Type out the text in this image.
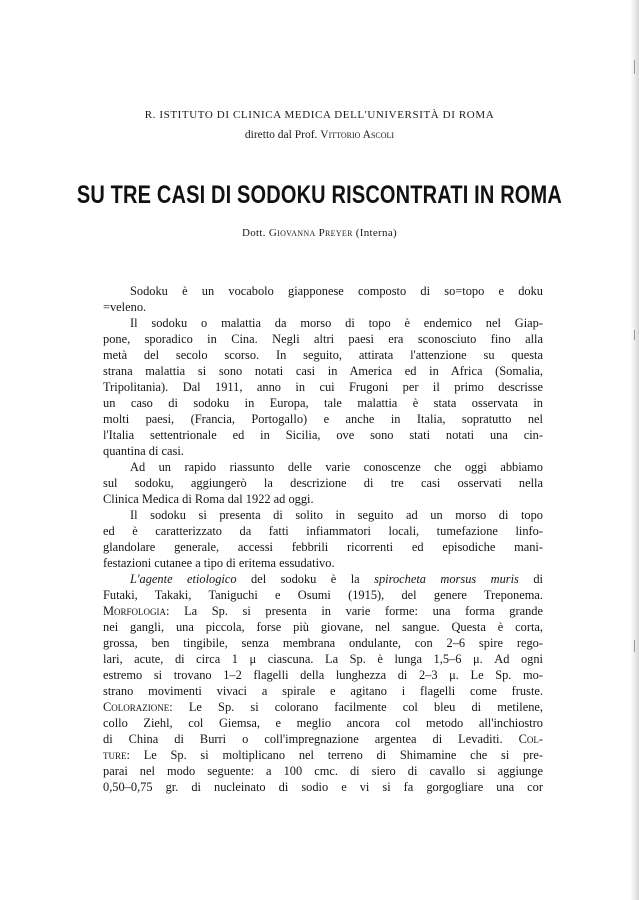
R. ISTITUTO DI CLINICA MEDICA DELL'UNIVERSITÀ DI ROMA
diretto dal Prof. Vittorio Ascoli
SU TRE CASI DI SODOKU RISCONTRATI IN ROMA
Dott. Giovanna Preyer (Interna)
Sodoku è un vocabolo giapponese composto di so=topo e doku
=veleno.
Il sodoku o malattia da morso di topo è endemico nel Giap-
pone, sporadico in Cina. Negli altri paesi era sconosciuto fino alla
metà del secolo scorso. In seguito, attirata l'attenzione su questa
strana malattia si sono notati casi in America ed in Africa (Somalia,
Tripolitania). Dal 1911, anno in cui Frugoni per il primo descrisse
un caso di sodoku in Europa, tale malattia è stata osservata in
molti paesi, (Francia, Portogallo) e anche in Italia, sopratutto nel
l'Italia settentrionale ed in Sicilia, ove sono stati notati una cin-
quantina di casi.
Ad un rapido riassunto delle varie conoscenze che oggi abbiamo
sul sodoku, aggiungerò la descrizione di tre casi osservati nella
Clinica Medica di Roma dal 1922 ad oggi.
Il sodoku si presenta di solito in seguito ad un morso di topo
ed è caratterizzato da fatti infiammatori locali, tumefazione linfo-
glandolare generale, accessi febbrili ricorrenti ed episodiche mani-
festazioni cutanee a tipo di eritema essudativo.
L'agente etiologico del sodoku è la spirocheta morsus muris di
Futaki, Takaki, Taniguchi e Osumi (1915), del genere Treponema.
Morfologia: La Sp. si presenta in varie forme: una forma grande
nei gangli, una piccola, forse più giovane, nel sangue. Questa è corta,
grossa, ben tingibile, senza membrana ondulante, con 2–6 spire rego-
lari, acute, di circa 1 μ ciascuna. La Sp. è lunga 1,5–6 μ. Ad ogni
estremo si trovano 1–2 flagelli della lunghezza di 2–3 μ. Le Sp. mo-
strano movimenti vivaci a spirale e agitano i flagelli come fruste.
Colorazione: Le Sp. si colorano facilmente col bleu di metilene,
collo Ziehl, col Giemsa, e meglio ancora col metodo all'inchiostro
di China di Burri o coll'impregnazione argentea di Levaditi. Col-
ture: Le Sp. si moltiplicano nel terreno di Shimamine che si pre-
parai nel modo seguente: a 100 cmc. di siero di cavallo si aggiunge
0,50–0,75 gr. di nucleinato di sodio e vi si fa gorgogliare una cor
